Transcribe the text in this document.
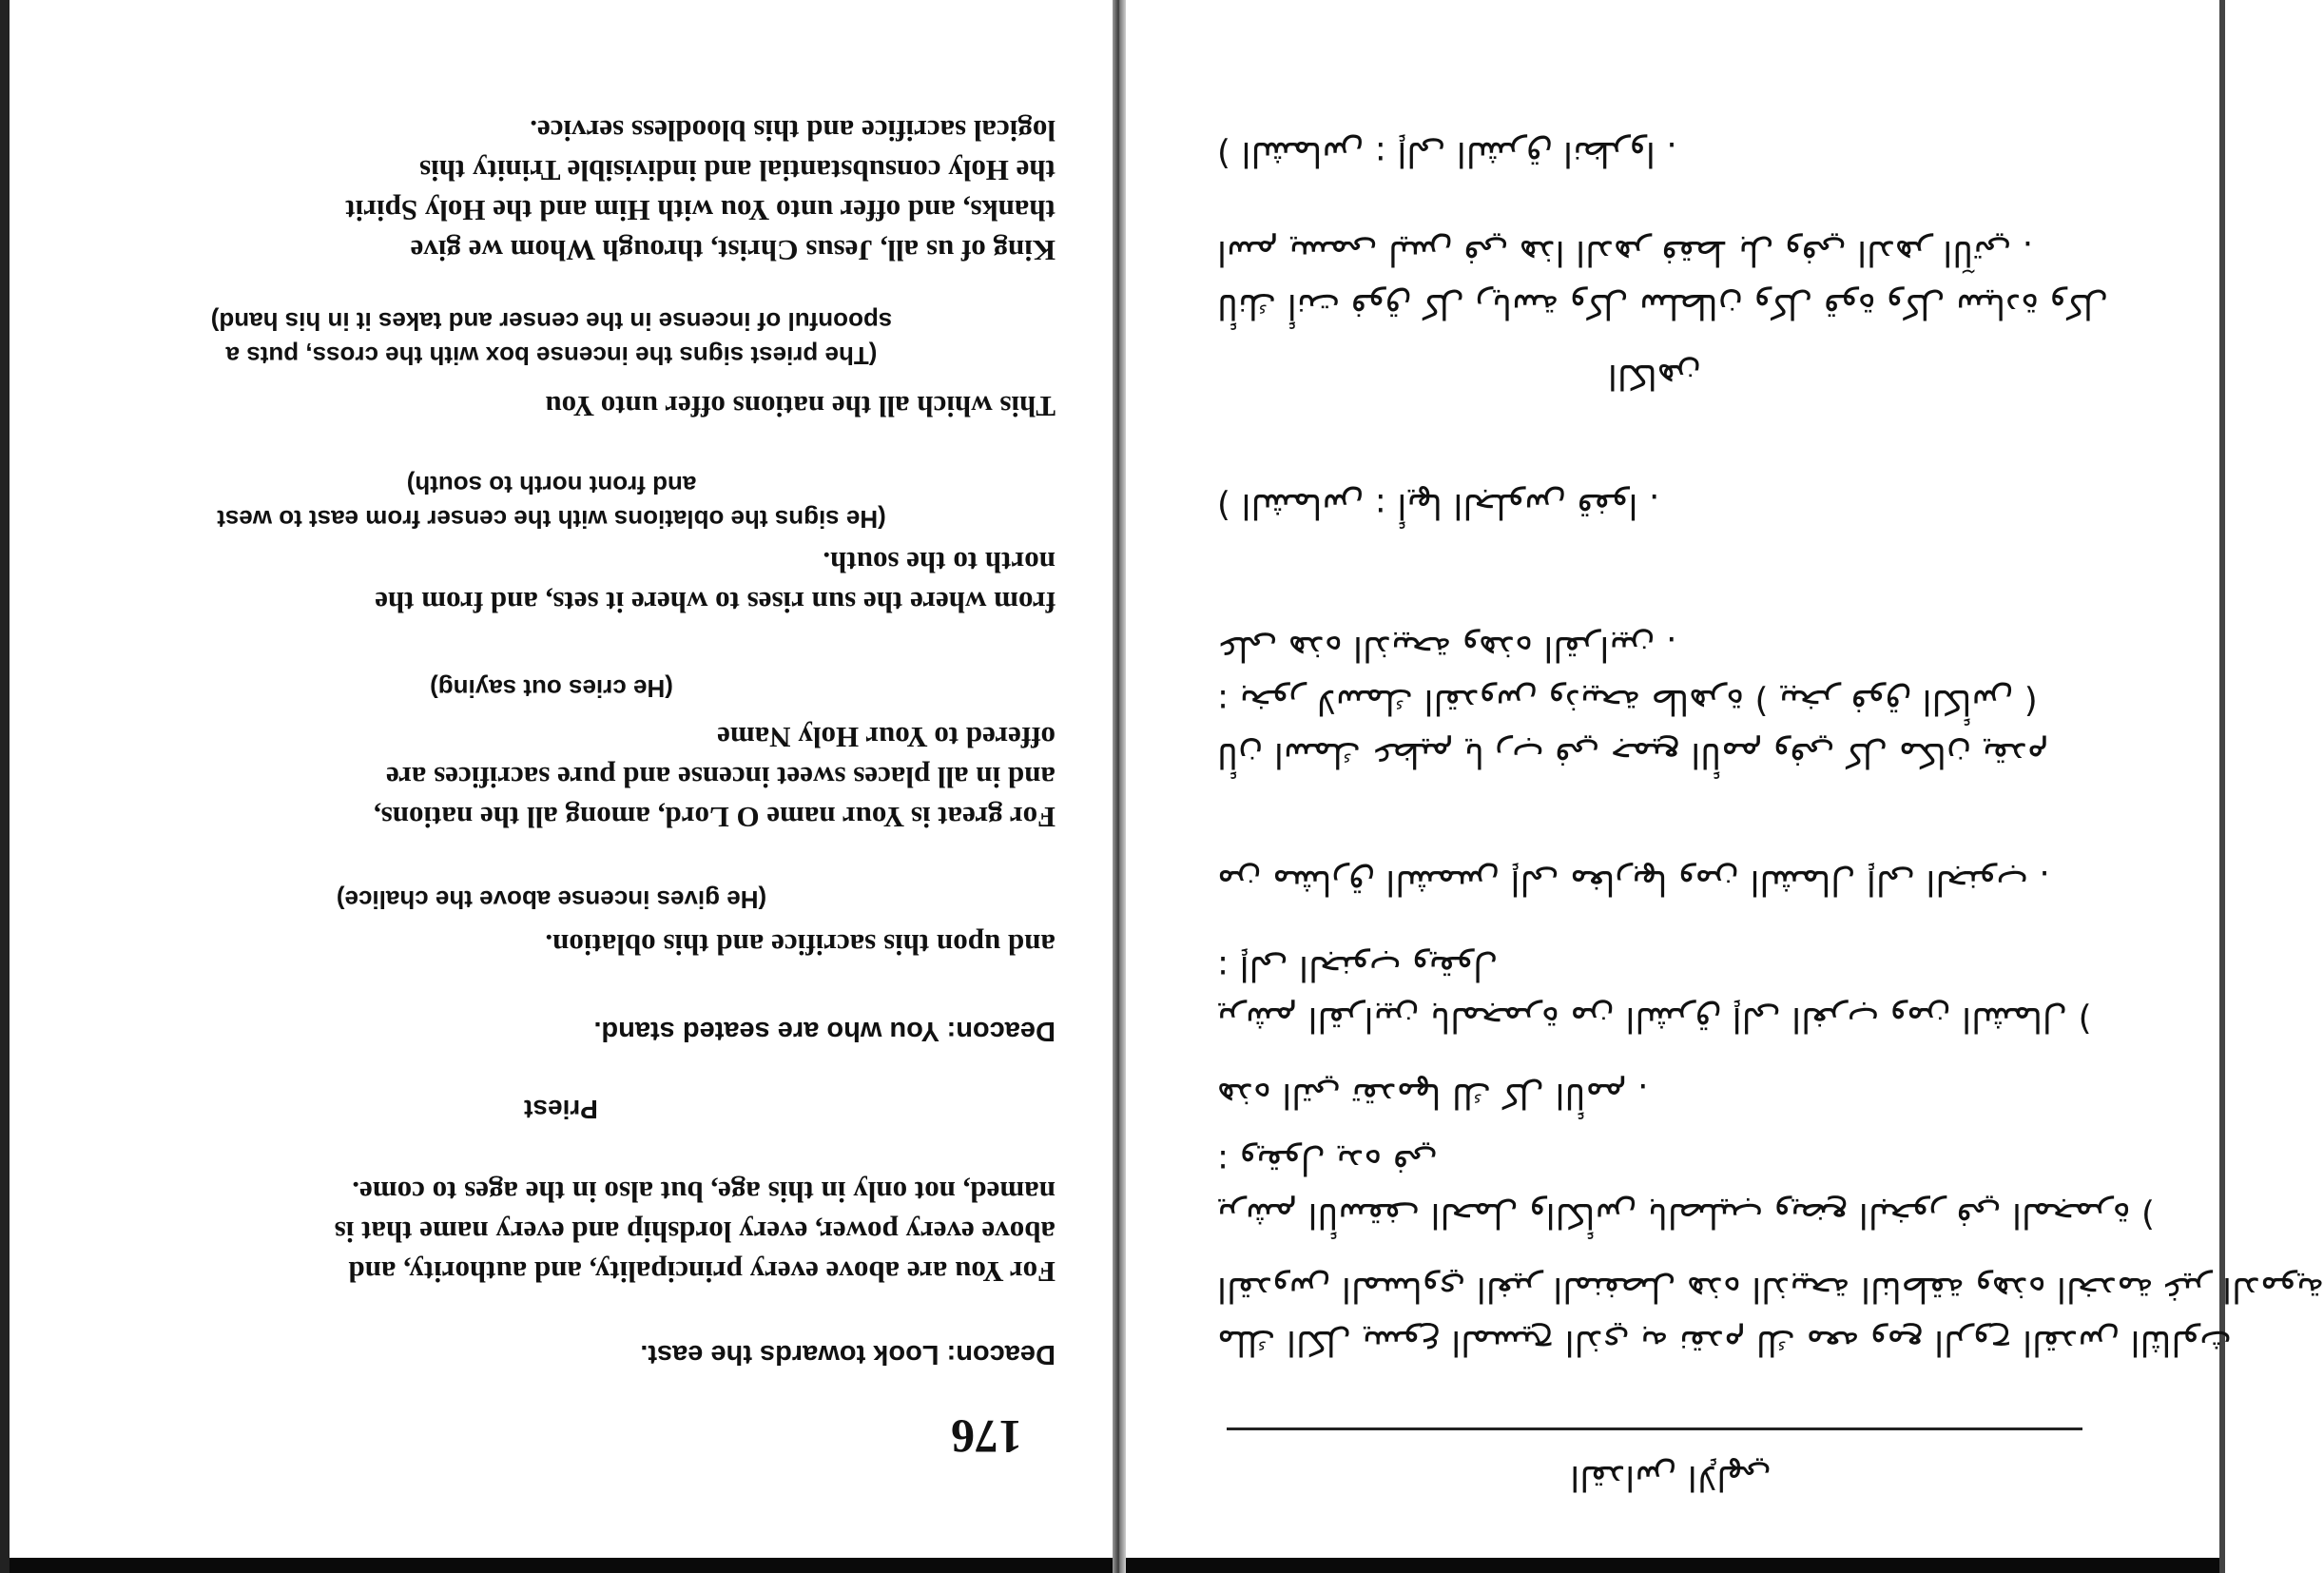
176

Deacon: Look towards the east.

For You are above every principality, and authority, and
above every power, every lordship and every name that is
named, not only in this age, but also in the ages to come.

Priest

Deacon: You who are seated stand.

and upon this sacrifice and this oblation.

(He gives incense above the chalice)

For great is Your name O Lord, among all the nations,
and in all places sweet incense and pure sacrifices are
offered to Your Holy Name

(He cries out saying)

from where the sun rises to where it sets, and from the
north to the south.

(He signs the oblations with the censer from east to west
and front north to south)

This which all the nations offer unto You

(The priest signs the incense box with the cross, puts a
spoonful of incense in the censer and takes it in his hand)

King of us all, Jesus Christ, through Whom we give
thanks, and offer unto You with Him and the Holy Spirit
the Holy consubstantial and indivisible Trinity this
logical sacrifice and this bloodless service.

القداس الإلهي

ملك الكل يسوع المسيح الذي به نقدم لك معه ومع الروح القدس الثالوث

القدوس المساوي الغير المنفصل هذه الذبيحة الناطقة وهذه الخدمة غير الدموية

يرشم الأسقف الحمل والكأس بالصليب ويضع البخور في المجمرة (

: ويقول يده في

هذه التي تقدمها لك كل الأمم .

يرشم القرابين بالمجمرة من الشرق إلى الغرب ومن الشمال (

: إلى الجنوب ويقول

من مشارق الشمس إلى مغاربها ومن الشمال إلى الجنوب .

لأن اسمك عظيم يا رب في جميع الأمم وفي كل مكان يقدم

: بخور لاسمك القدوس وذبيحة طاهرة ( يبخر فوق الكأس )

على هذه الذبيحة وهذه القرابين .

( الشماس : أيها الجلوس قفوا .

الكاهن

لأنك أنت فوق كل رياسة وكل سلطان وكل قوة وكل سيادة وكل

اسم يسمى ليس في هذا الدهر فقط بل وفي الدهر الآتي .

( الشماس : إلى الشرق انظروا .
